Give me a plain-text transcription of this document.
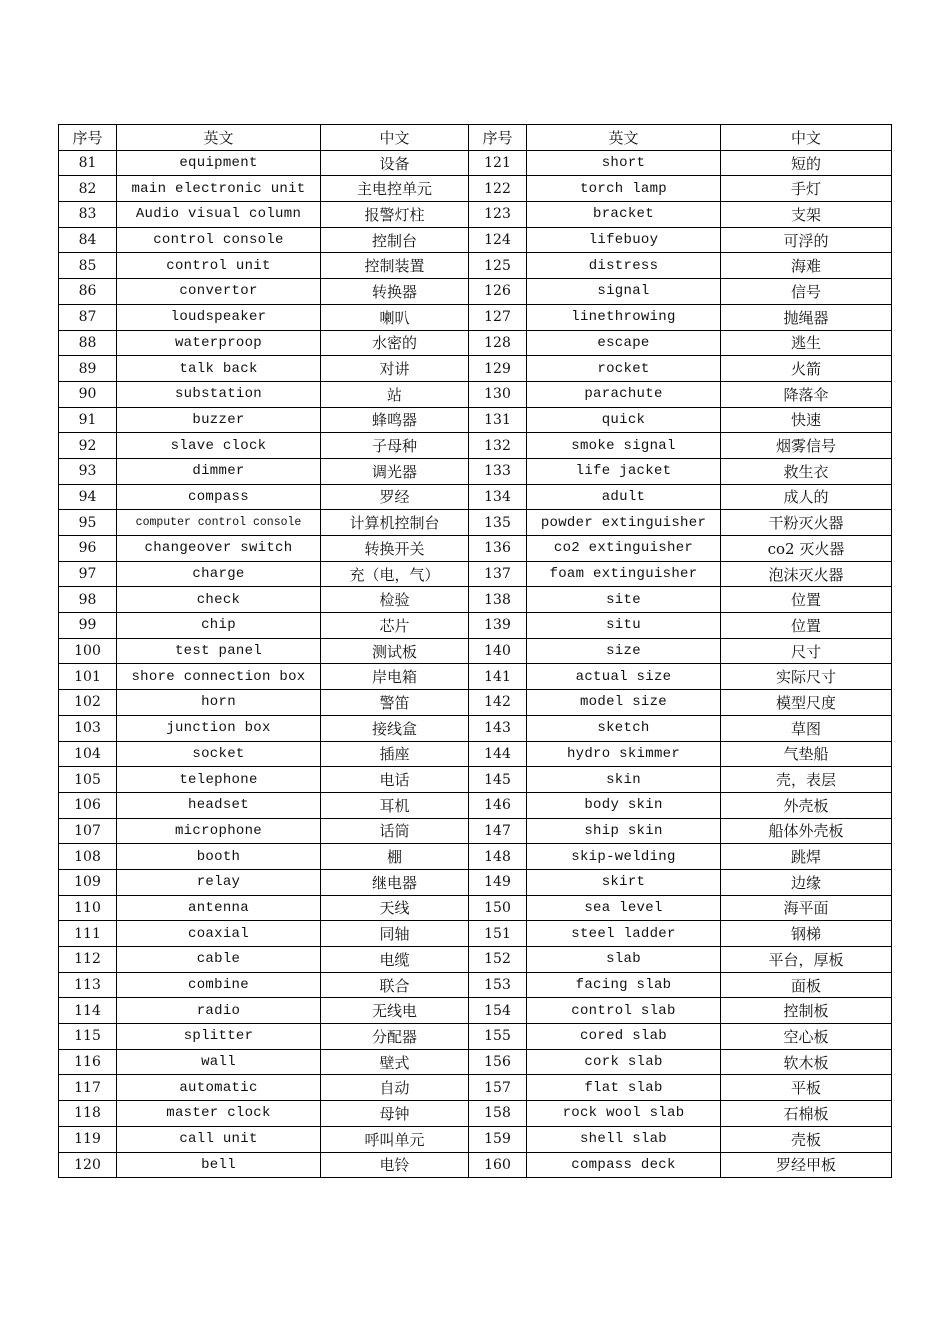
序号	英文	中文	序号	英文	中文
81	equipment	设备	121	short	短的
82	main electronic unit	主电控单元	122	torch lamp	手灯
83	Audio visual column	报警灯柱	123	bracket	支架
84	control console	控制台	124	lifebuoy	可浮的
85	control unit	控制装置	125	distress	海难
86	convertor	转换器	126	signal	信号
87	loudspeaker	喇叭	127	linethrowing	抛绳器
88	waterproop	水密的	128	escape	逃生
89	talk back	对讲	129	rocket	火箭
90	substation	站	130	parachute	降落伞
91	buzzer	蜂鸣器	131	quick	快速
92	slave clock	子母种	132	smoke signal	烟雾信号
93	dimmer	调光器	133	life jacket	救生衣
94	compass	罗经	134	adult	成人的
95	computer control console	计算机控制台	135	powder extinguisher	干粉灭火器
96	changeover switch	转换开关	136	co2 extinguisher	co2 灭火器
97	charge	充（电，气）	137	foam extinguisher	泡沫灭火器
98	check	检验	138	site	位置
99	chip	芯片	139	situ	位置
100	test panel	测试板	140	size	尺寸
101	shore connection box	岸电箱	141	actual size	实际尺寸
102	horn	警笛	142	model size	模型尺度
103	junction box	接线盒	143	sketch	草图
104	socket	插座	144	hydro skimmer	气垫船
105	telephone	电话	145	skin	壳，表层
106	headset	耳机	146	body skin	外壳板
107	microphone	话筒	147	ship skin	船体外壳板
108	booth	棚	148	skip-welding	跳焊
109	relay	继电器	149	skirt	边缘
110	antenna	天线	150	sea level	海平面
111	coaxial	同轴	151	steel ladder	钢梯
112	cable	电缆	152	slab	平台，厚板
113	combine	联合	153	facing slab	面板
114	radio	无线电	154	control slab	控制板
115	splitter	分配器	155	cored slab	空心板
116	wall	壁式	156	cork slab	软木板
117	automatic	自动	157	flat slab	平板
118	master clock	母钟	158	rock wool slab	石棉板
119	call unit	呼叫单元	159	shell slab	壳板
120	bell	电铃	160	compass deck	罗经甲板
